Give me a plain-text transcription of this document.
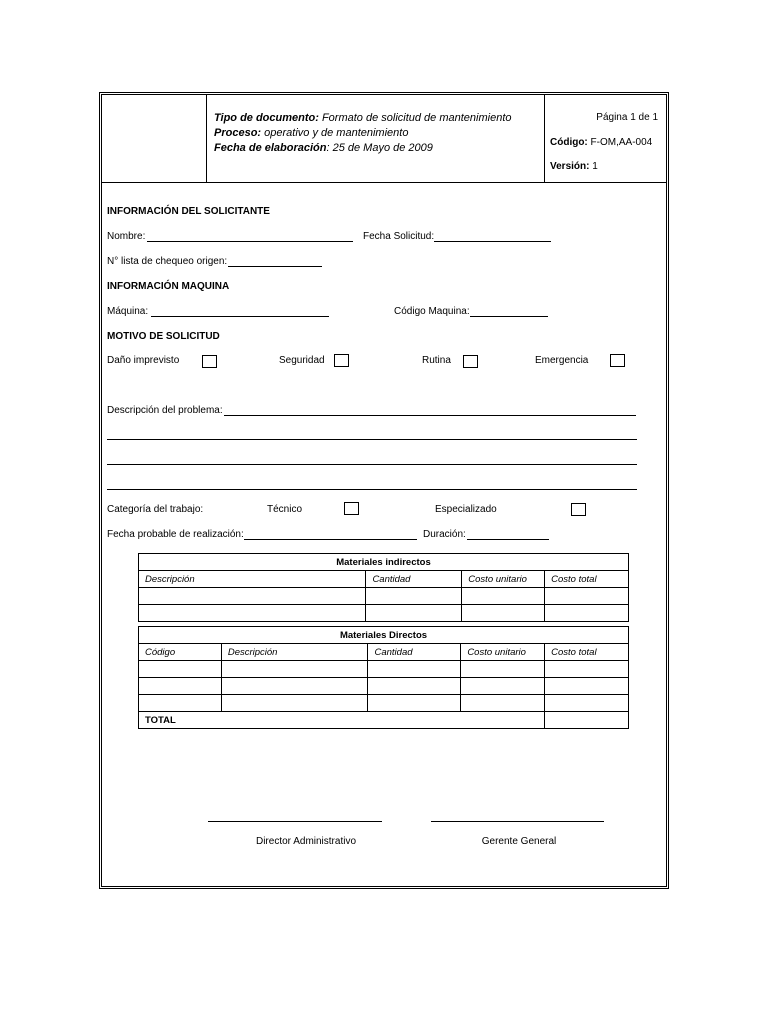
Tipo de documento: Formato de solicitud de mantenimiento
Proceso: operativo y de mantenimiento
Fecha de elaboración: 25 de Mayo de 2009
Página 1 de 1
Código: F-OM,AA-004
Versión: 1
INFORMACIÓN DEL SOLICITANTE
Nombre:	Fecha Solicitud:
N° lista de chequeo origen:
INFORMACIÓN MAQUINA
Máquina:	Código Maquina:
MOTIVO DE SOLICITUD
Daño imprevisto	Seguridad	Rutina	Emergencia
Descripción del problema:
Categoría del trabajo:	Técnico	Especializado
Fecha probable de realización:	Duración:
Materiales indirectos			
Descripción	Cantidad	Costo unitario	Costo total

Materiales Directos				
Código	Descripción	Cantidad	Costo unitario	Costo total

TOTAL				
Director Administrativo	Gerente General
